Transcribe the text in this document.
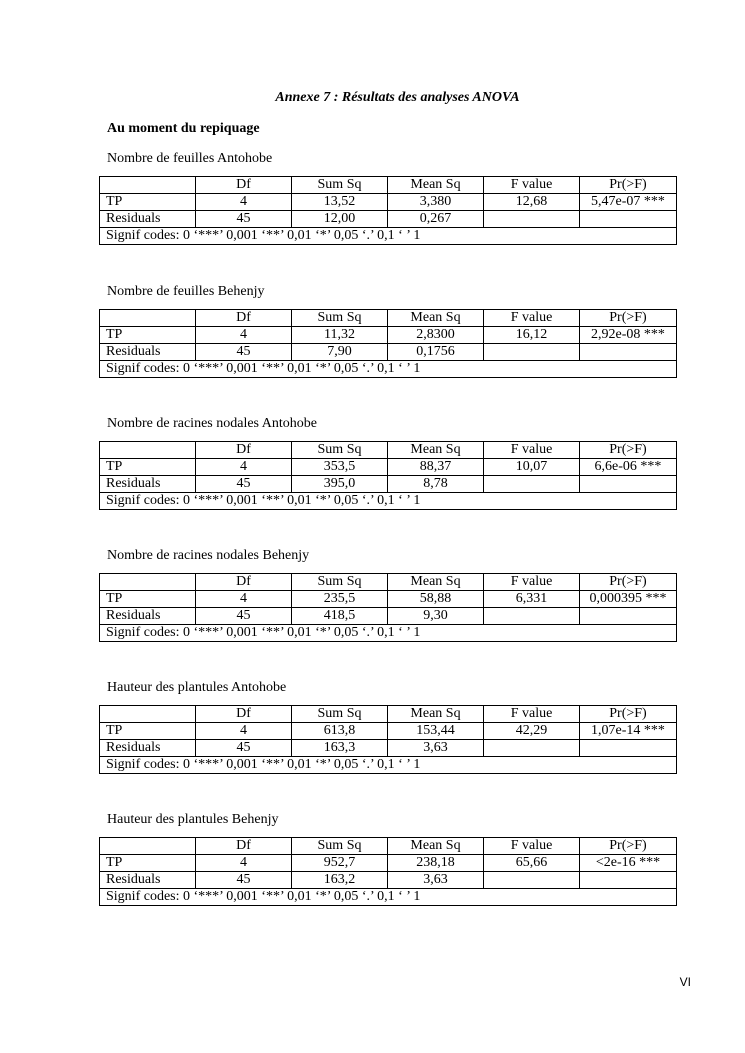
Annexe 7 : Résultats des analyses ANOVA
Au moment du repiquage
Nombre de feuilles Antohobe
	Df	Sum Sq	Mean Sq	F value	Pr(>F)
TP	4	13,52	3,380	12,68	5,47e-07 ***
Residuals	45	12,00	0,267		
Signif codes: 0 ‘***’ 0,001 ‘**’ 0,01 ‘*’ 0,05 ‘.’ 0,1 ‘ ’ 1					
Nombre de feuilles Behenjy
	Df	Sum Sq	Mean Sq	F value	Pr(>F)
TP	4	11,32	2,8300	16,12	2,92e-08 ***
Residuals	45	7,90	0,1756		
Signif codes: 0 ‘***’ 0,001 ‘**’ 0,01 ‘*’ 0,05 ‘.’ 0,1 ‘ ’ 1					
Nombre de racines nodales Antohobe
	Df	Sum Sq	Mean Sq	F value	Pr(>F)
TP	4	353,5	88,37	10,07	6,6e-06 ***
Residuals	45	395,0	8,78		
Signif codes: 0 ‘***’ 0,001 ‘**’ 0,01 ‘*’ 0,05 ‘.’ 0,1 ‘ ’ 1					
Nombre de racines nodales Behenjy
	Df	Sum Sq	Mean Sq	F value	Pr(>F)
TP	4	235,5	58,88	6,331	0,000395 ***
Residuals	45	418,5	9,30		
Signif codes: 0 ‘***’ 0,001 ‘**’ 0,01 ‘*’ 0,05 ‘.’ 0,1 ‘ ’ 1					
Hauteur des plantules Antohobe
	Df	Sum Sq	Mean Sq	F value	Pr(>F)
TP	4	613,8	153,44	42,29	1,07e-14 ***
Residuals	45	163,3	3,63		
Signif codes: 0 ‘***’ 0,001 ‘**’ 0,01 ‘*’ 0,05 ‘.’ 0,1 ‘ ’ 1					
Hauteur des plantules Behenjy
	Df	Sum Sq	Mean Sq	F value	Pr(>F)
TP	4	952,7	238,18	65,66	<2e-16 ***
Residuals	45	163,2	3,63		
Signif codes: 0 ‘***’ 0,001 ‘**’ 0,01 ‘*’ 0,05 ‘.’ 0,1 ‘ ’ 1					
VI
